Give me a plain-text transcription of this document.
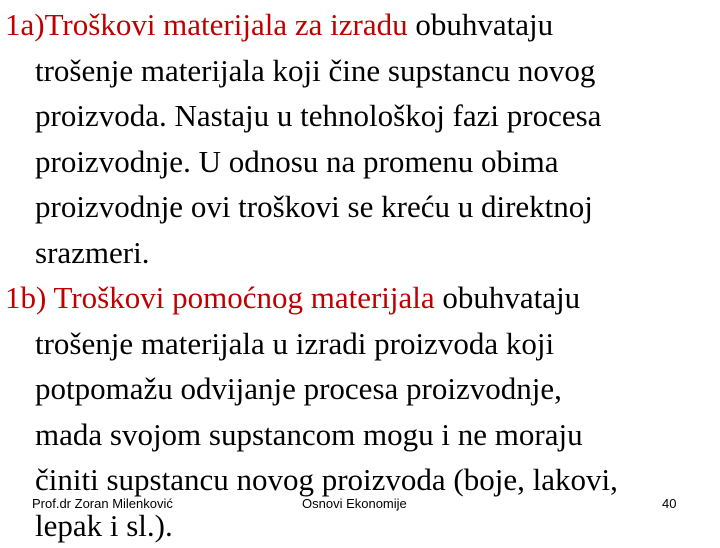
1a)Troškovi materijala za izradu obuhvataju
trošenje materijala koji čine supstancu novog
proizvoda. Nastaju u tehnološkoj fazi procesa
proizvodnje. U odnosu na promenu obima
proizvodnje ovi troškovi se kreću u direktnoj
srazmeri.
1b) Troškovi pomoćnog materijala obuhvataju
trošenje materijala u izradi proizvoda koji
potpomažu odvijanje procesa proizvodnje,
mada svojom supstancom mogu i ne moraju
činiti supstancu novog proizvoda (boje, lakovi,
lepak i sl.).
Prof.dr Zoran Milenković	Osnovi Ekonomije	40
